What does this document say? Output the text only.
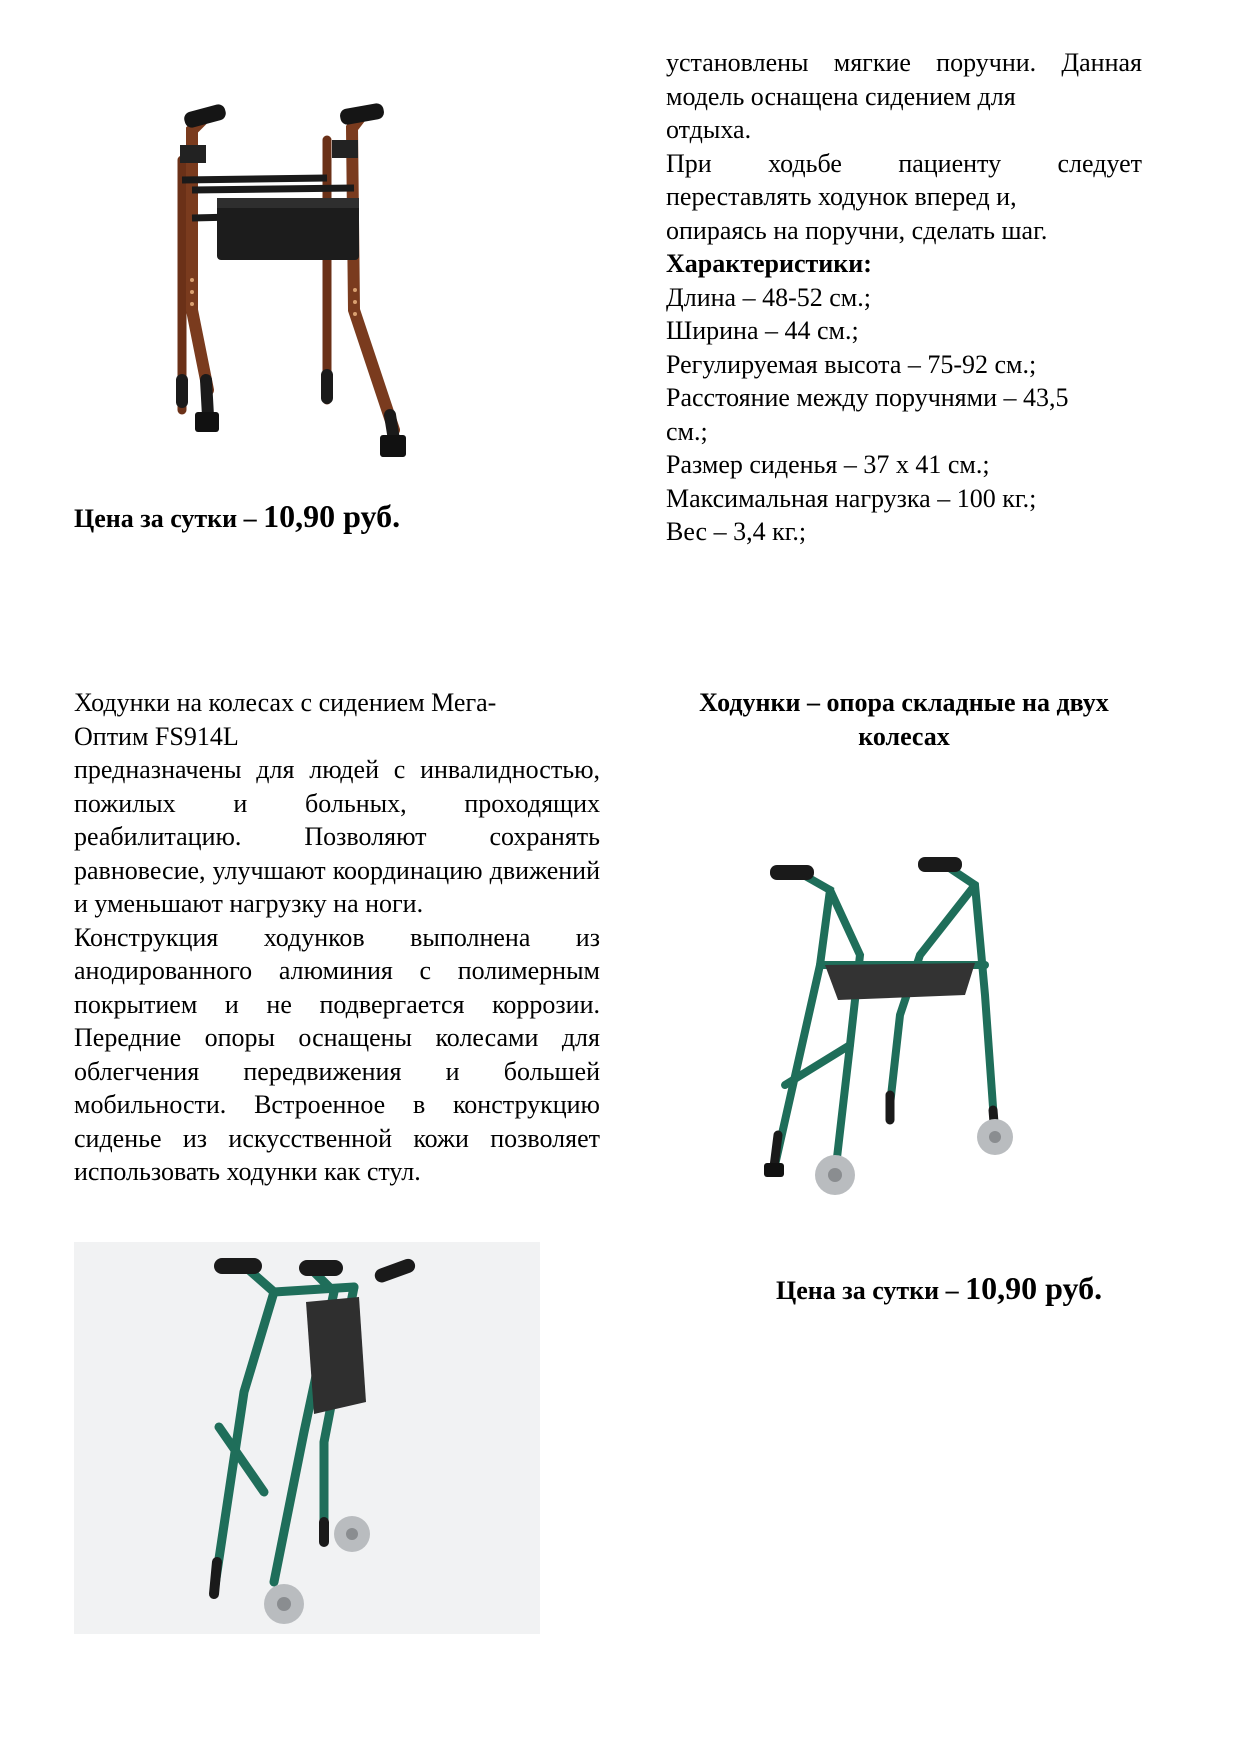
установлены мягкие поручни. Данная модель оснащена сидением для

отдыха.

При ходьбе пациенту следует переставлять ходунок вперед и,

опираясь на поручни, сделать шаг.
Характеристики:
Длина – 48-52 см.;
Ширина – 44 см.;
Регулируемая высота – 75-92 см.;
Расстояние между поручнями – 43,5
см.;
Размер сиденья – 37 х 41 см.;
Максимальная нагрузка – 100 кг.;
Вес – 3,4 кг.;
Цена за сутки – 10,90 руб.

Ходунки на колесах с сидением Мега-

Оптим FS914L

предназначены для людей с инвалидностью, пожилых и больных, проходящих реабилитацию. Позволяют сохранять равновесие, улучшают координацию движений и уменьшают нагрузку на ноги.

Конструкция ходунков выполнена из анодированного алюминия с полимерным покрытием и не подвергается коррозии. Передние опоры оснащены колесами для облегчения передвижения и большей мобильности. Встроенное в конструкцию сиденье из искусственной кожи позволяет использовать ходунки как стул.

Ходунки – опора складные на двух
колесах
Цена за сутки – 10,90 руб.
